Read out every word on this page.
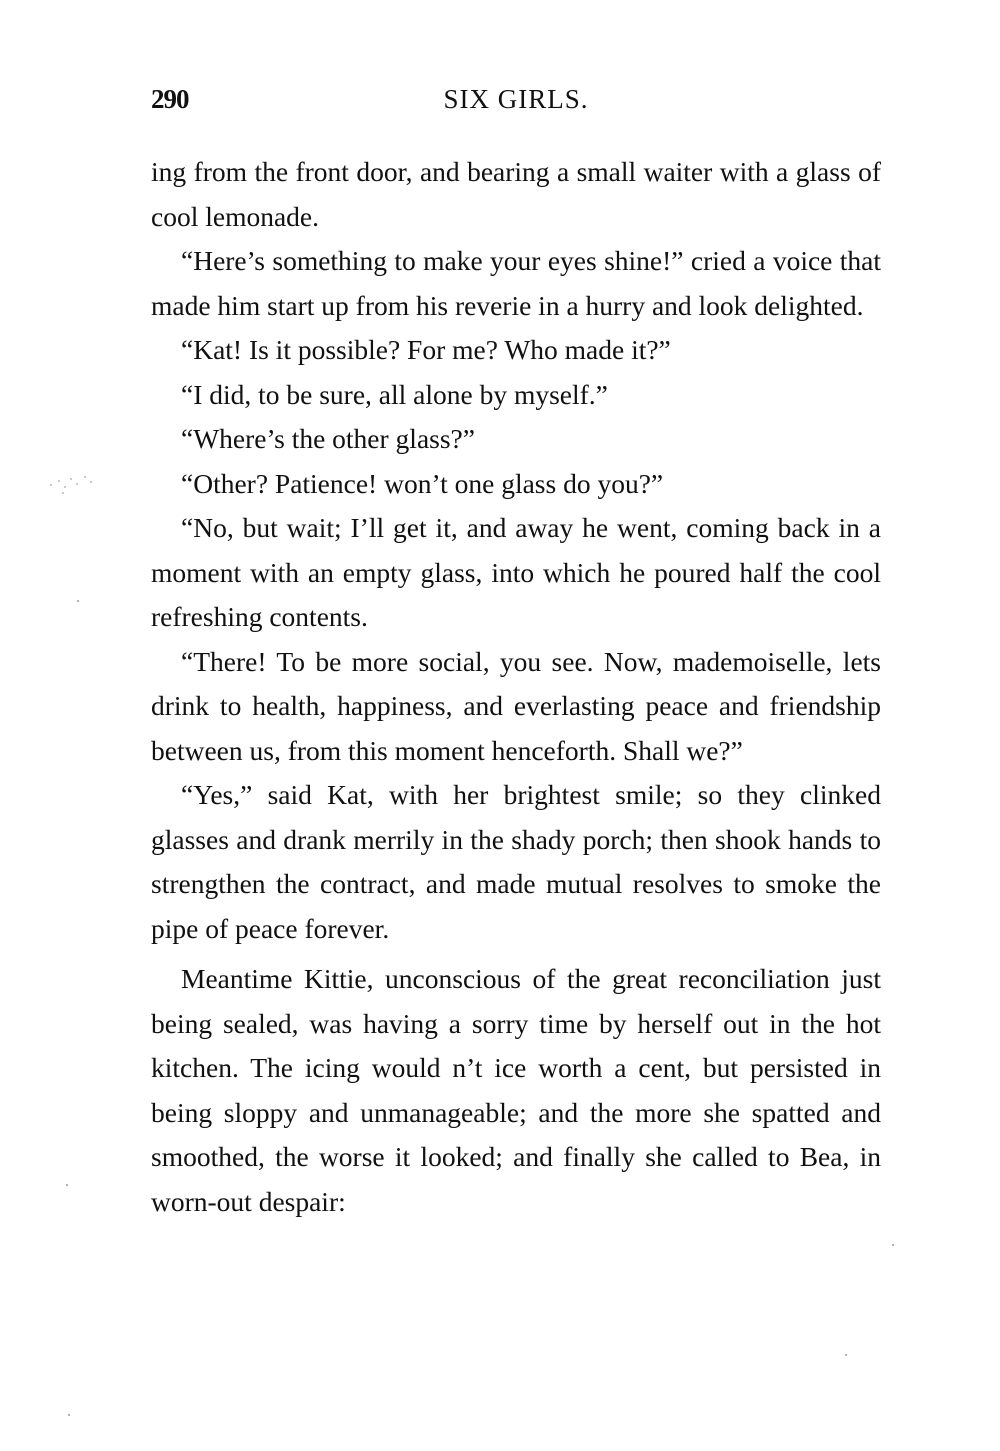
290	SIX GIRLS.

ing from the front door, and bearing a small waiter with a glass of cool lemonade.

“Here’s something to make your eyes shine!” cried a voice that made him start up from his reverie in a hurry and look delighted.

“Kat! Is it possible? For me? Who made it?”

“I did, to be sure, all alone by myself.”

“Where’s the other glass?”

“Other? Patience! won’t one glass do you?”

“No, but wait; I’ll get it, and away he went, coming back in a moment with an empty glass, into which he poured half the cool refreshing contents.

“There! To be more social, you see. Now, mademoiselle, lets drink to health, happiness, and everlasting peace and friendship between us, from this moment henceforth. Shall we?”

“Yes,” said Kat, with her brightest smile; so they clinked glasses and drank merrily in the shady porch; then shook hands to strengthen the contract, and made mutual resolves to smoke the pipe of peace forever.

Meantime Kittie, unconscious of the great reconciliation just being sealed, was having a sorry time by herself out in the hot kitchen. The icing would n’t ice worth a cent, but persisted in being sloppy and unmanageable; and the more she spatted and smoothed, the worse it looked; and finally she called to Bea, in worn-out despair:
